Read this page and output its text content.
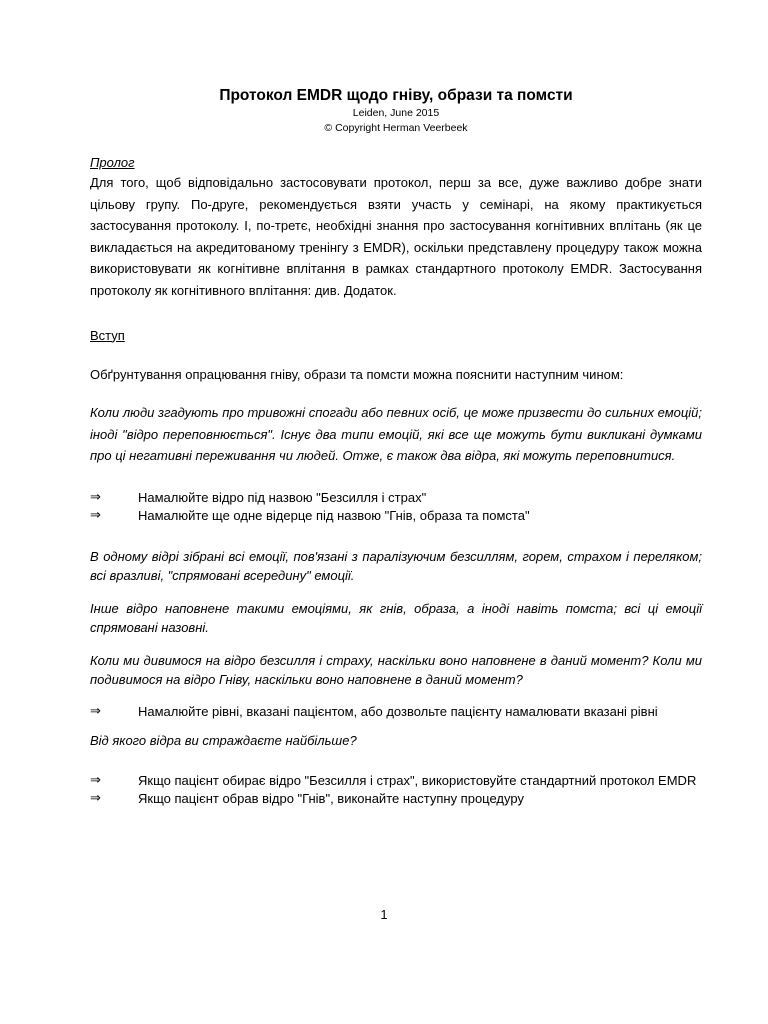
Протокол EMDR щодо гніву, образи та помсти
Leiden, June 2015
© Copyright Herman Veerbeek
Пролог

Для того, щоб відповідально застосовувати протокол, перш за все, дуже важливо добре знати цільову групу. По-друге, рекомендується взяти участь у семінарі, на якому практикується застосування протоколу. І, по-третє, необхідні знання про застосування когнітивних вплітань (як це викладається на акредитованому тренінгу з EMDR), оскільки представлену процедуру також можна використовувати як когнітивне вплітання в рамках стандартного протоколу EMDR. Застосування протоколу як когнітивного вплітання: див. Додаток.

Вступ

Обґрунтування опрацювання гніву, образи та помсти можна пояснити наступним чином:

Коли люди згадують про тривожні спогади або певних осіб, це може призвести до сильних емоцій; іноді "відро переповнюється". Існує два типи емоцій, які все ще можуть бути викликані думками про ці негативні переживання чи людей. Отже, є також два відра, які можуть переповнитися.

⇒	Намалюйте відро під назвою "Безсилля і страх"
⇒	Намалюйте ще одне відерце під назвою "Гнів, образа та помста"

В одному відрі зібрані всі емоції, пов'язані з паралізуючим безсиллям, горем, страхом і переляком; всі вразливі, "спрямовані всередину" емоції.

Інше відро наповнене такими емоціями, як гнів, образа, а іноді навіть помста; всі ці емоції спрямовані назовні.

Коли ми дивимося на відро безсилля і страху, наскільки воно наповнене в даний момент? Коли ми подивимося на відро Гніву, наскільки воно наповнене в даний момент?

⇒	Намалюйте рівні, вказані пацієнтом, або дозвольте пацієнту намалювати вказані рівні

Від якого відра ви страждаєте найбільше?

⇒	Якщо пацієнт обирає відро "Безсилля і страх", використовуйте стандартний протокол EMDR
⇒	Якщо пацієнт обрав відро "Гнів", виконайте наступну процедуру
1
